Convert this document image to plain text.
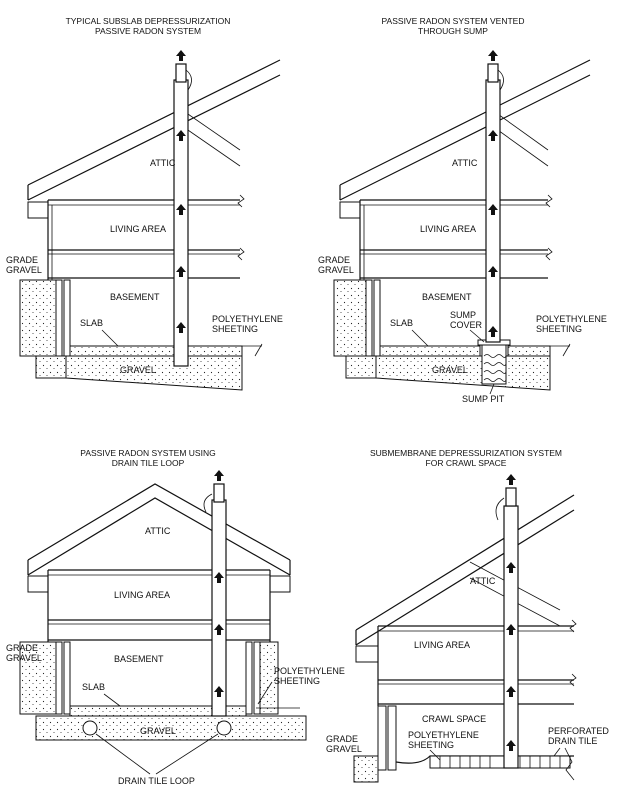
TYPICAL SUBSLAB DEPRESSURIZATION
PASSIVE RADON SYSTEM
ATTIC
LIVING AREA
BASEMENT
GRADE
GRAVEL
SLAB
GRAVEL
POLYETHYLENE
SHEETING
PASSIVE RADON SYSTEM VENTED
THROUGH SUMP
ATTIC
LIVING AREA
BASEMENT
GRADE
GRAVEL
SLAB
GRAVEL
SUMP
COVER
POLYETHYLENE
SHEETING
SUMP PIT
PASSIVE RADON SYSTEM USING
DRAIN TILE LOOP
ATTIC
LIVING AREA
BASEMENT
GRADE
GRAVEL
SLAB
GRAVEL
POLYETHYLENE
SHEETING
DRAIN TILE LOOP
SUBMEMBRANE DEPRESSURIZATION SYSTEM
FOR CRAWL SPACE
ATTIC
LIVING AREA
CRAWL SPACE
GRADE
GRAVEL
POLYETHYLENE
SHEETING
PERFORATED
DRAIN TILE
